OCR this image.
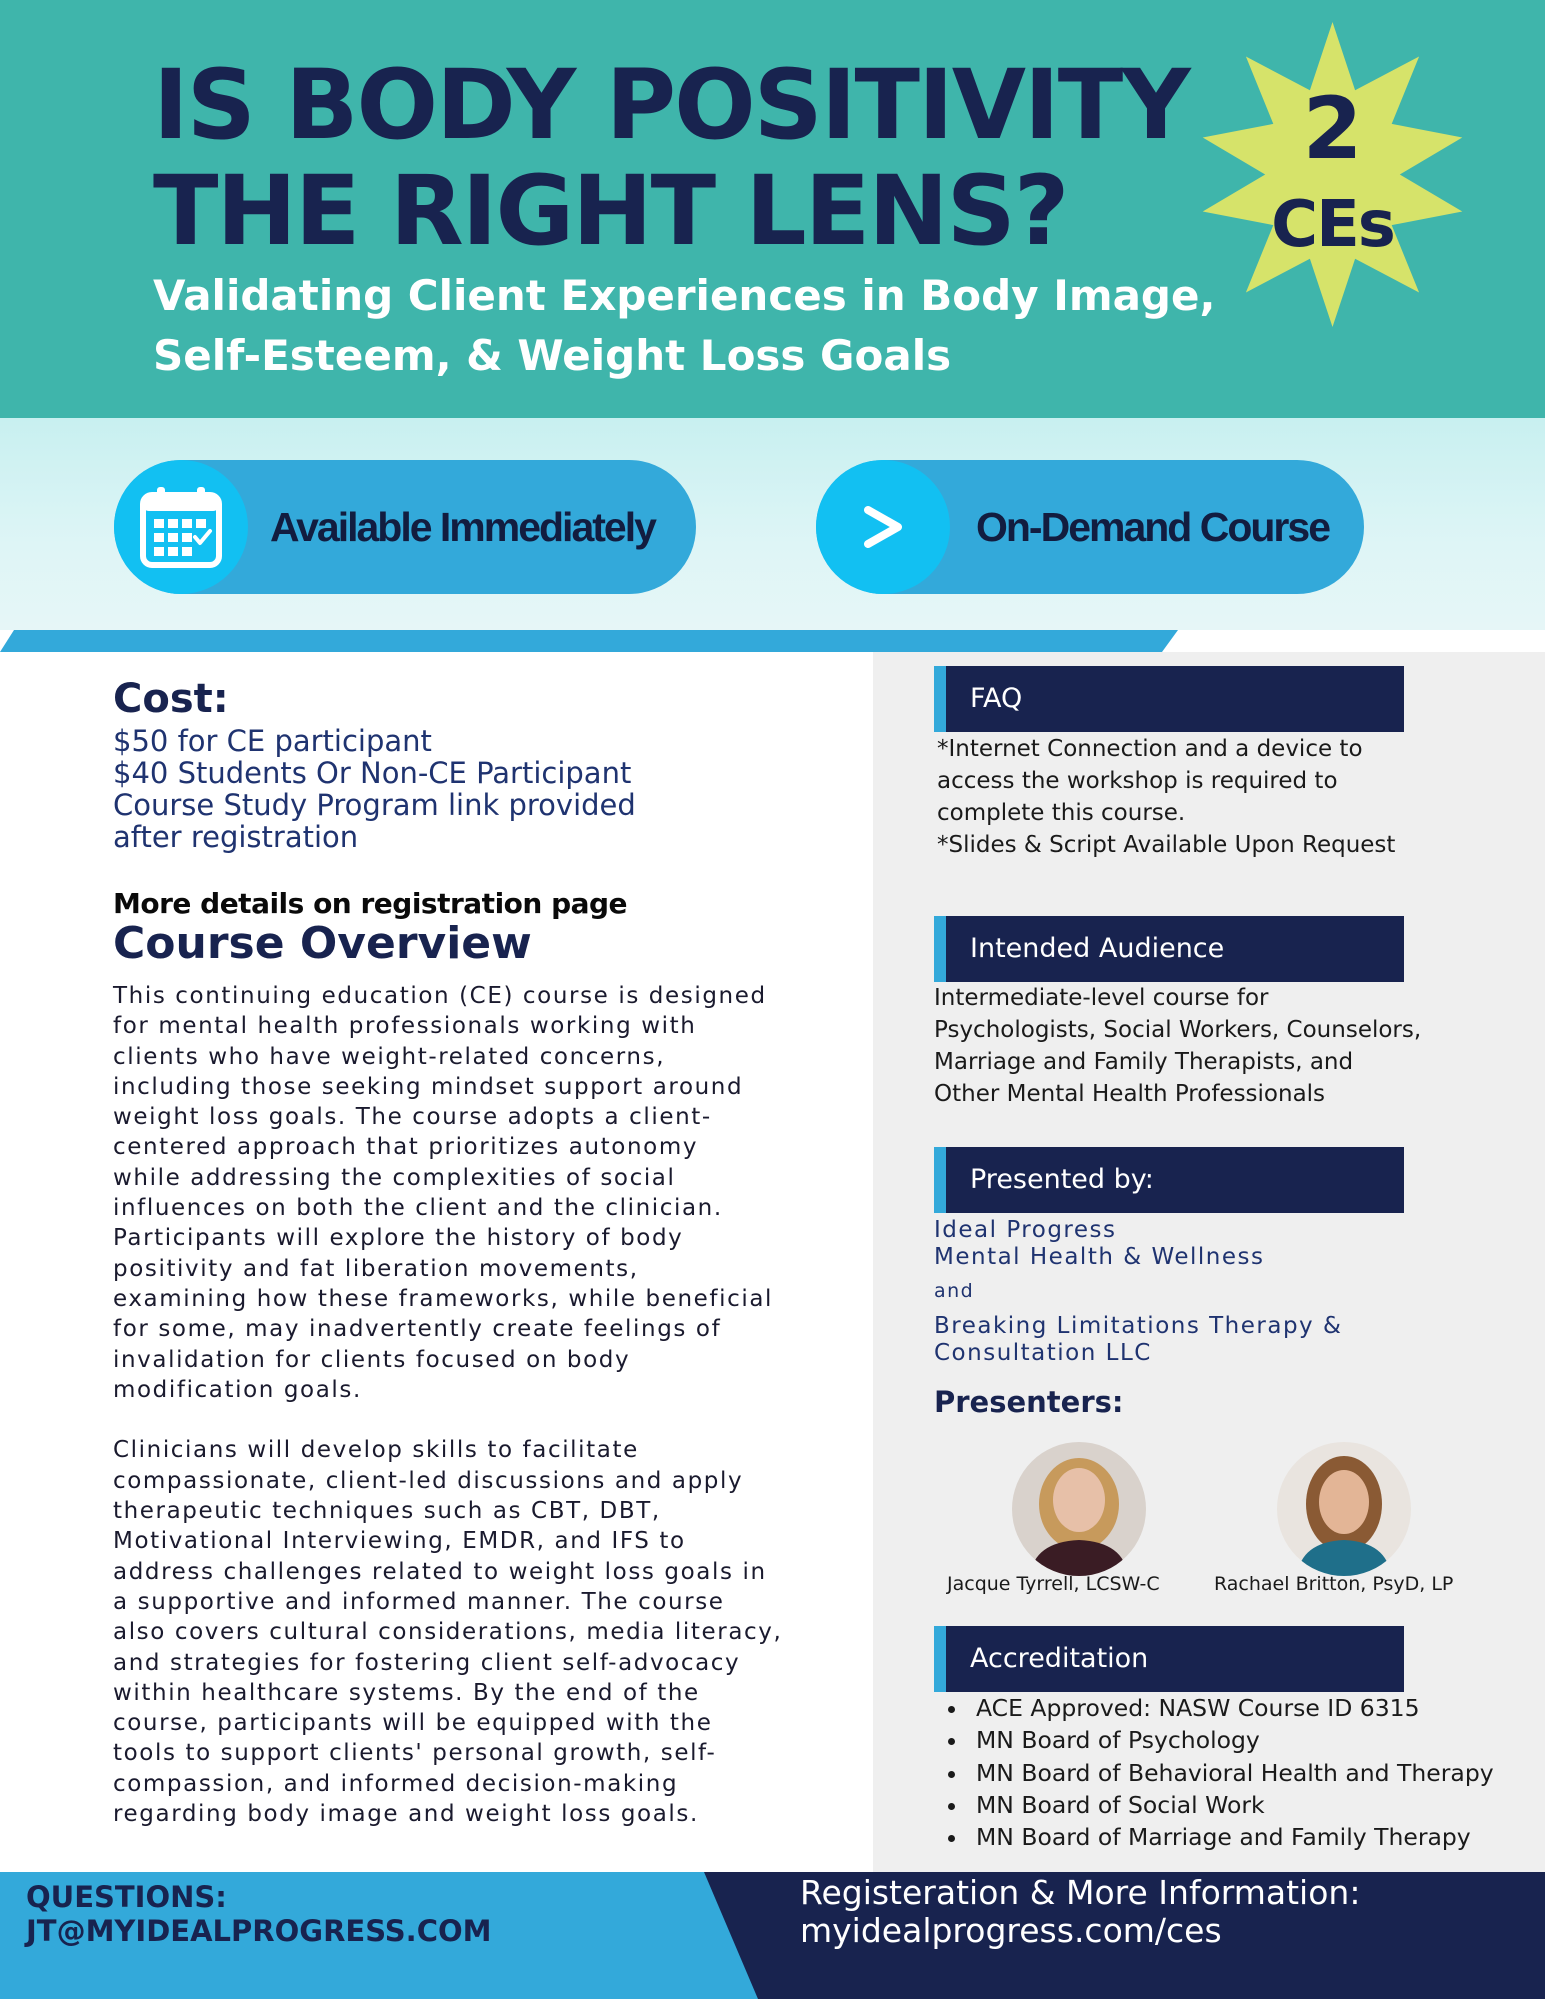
IS BODY POSITIVITY
THE RIGHT LENS?
Validating Client Experiences in Body Image,
Self-Esteem, & Weight Loss Goals
2
CEs
Available Immediately	On-Demand Course
Cost:
$50 for CE participant
$40 Students Or Non-CE Participant
Course Study Program link provided
after registration
More details on registration page
Course Overview
This continuing education (CE) course is designed
for mental health professionals working with
clients who have weight-related concerns,
including those seeking mindset support around
weight loss goals. The course adopts a client-
centered approach that prioritizes autonomy
while addressing the complexities of social
influences on both the client and the clinician.
Participants will explore the history of body
positivity and fat liberation movements,
examining how these frameworks, while beneficial
for some, may inadvertently create feelings of
invalidation for clients focused on body
modification goals.
Clinicians will develop skills to facilitate
compassionate, client-led discussions and apply
therapeutic techniques such as CBT, DBT,
Motivational Interviewing, EMDR, and IFS to
address challenges related to weight loss goals in
a supportive and informed manner. The course
also covers cultural considerations, media literacy,
and strategies for fostering client self-advocacy
within healthcare systems. By the end of the
course, participants will be equipped with the
tools to support clients' personal growth, self-
compassion, and informed decision-making
regarding body image and weight loss goals.
FAQ
*Internet Connection and a device to
access the workshop is required to
complete this course.
*Slides & Script Available Upon Request
Intended Audience
Intermediate-level course for
Psychologists, Social Workers, Counselors,
Marriage and Family Therapists, and
Other Mental Health Professionals
Presented by:
Ideal Progress
Mental Health & Wellness
and
Breaking Limitations Therapy &
Consultation LLC
Presenters:
Jacque Tyrrell, LCSW-C	Rachael Britton, PsyD, LP
Accreditation
ACE Approved: NASW Course ID 6315
MN Board of Psychology
MN Board of Behavioral Health and Therapy
MN Board of Social Work
MN Board of Marriage and Family Therapy
QUESTIONS:
JT@MYIDEALPROGRESS.COM
Registeration & More Information:
myidealprogress.com/ces
